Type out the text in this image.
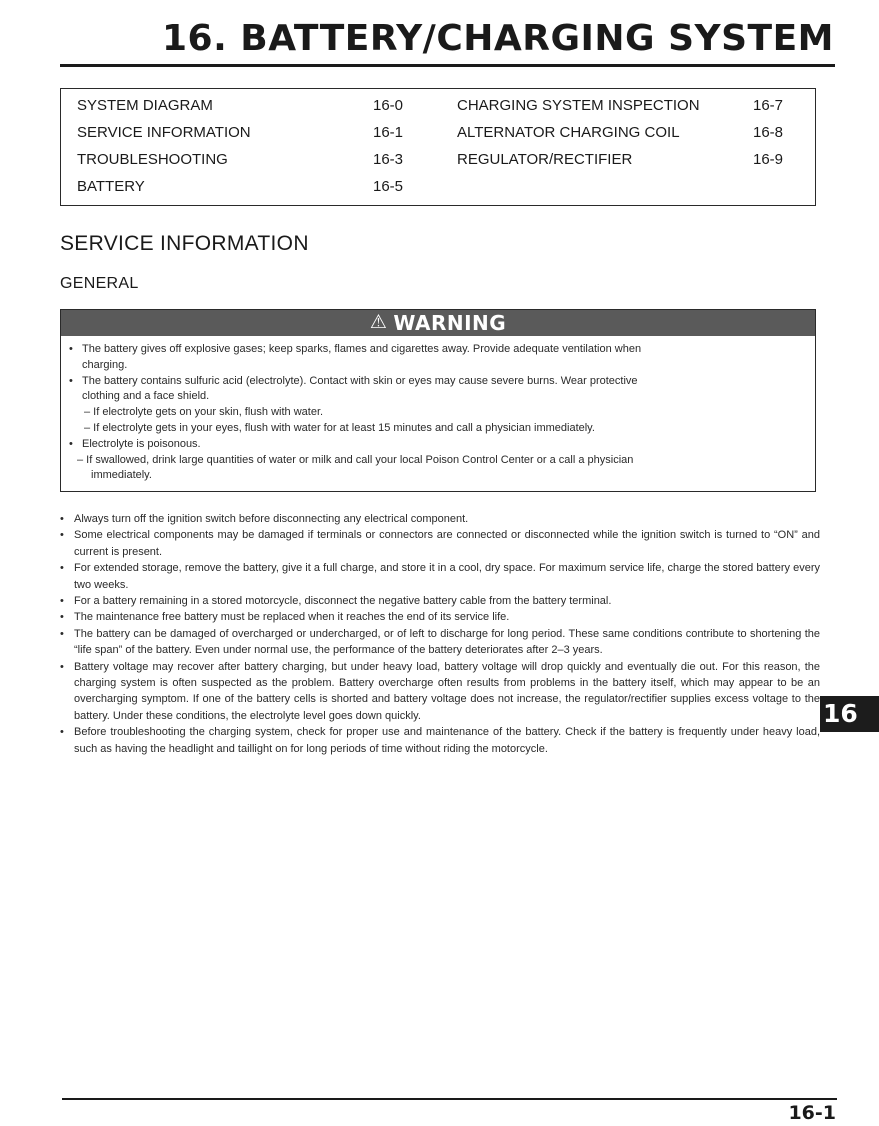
16. BATTERY/CHARGING SYSTEM
SYSTEM DIAGRAM	16-0
SERVICE INFORMATION	16-1
TROUBLESHOOTING	16-3
BATTERY	16-5
CHARGING SYSTEM INSPECTION	16-7
ALTERNATOR CHARGING COIL	16-8
REGULATOR/RECTIFIER	16-9
SERVICE INFORMATION
GENERAL
⚠ WARNING

• The battery gives off explosive gases; keep sparks, flames and cigarettes away. Provide adequate ventilation when

charging.

• The battery contains sulfuric acid (electrolyte). Contact with skin or eyes may cause severe burns. Wear protective

clothing and a face shield.

– If electrolyte gets on your skin, flush with water.

– If electrolyte gets in your eyes, flush with water for at least 15 minutes and call a physician immediately.

• Electrolyte is poisonous.

– If swallowed, drink large quantities of water or milk and call your local Poison Control Center or a call a physician

immediately.

• Always turn off the ignition switch before disconnecting any electrical component.

• Some electrical components may be damaged if terminals or connectors are connected or disconnected while the ignition switch is turned to “ON” and current is present.

• For extended storage, remove the battery, give it a full charge, and store it in a cool, dry space. For maximum service life, charge the stored battery every two weeks.

• For a battery remaining in a stored motorcycle, disconnect the negative battery cable from the battery terminal.

• The maintenance free battery must be replaced when it reaches the end of its service life.

• The battery can be damaged of overcharged or undercharged, or of left to discharge for long period. These same conditions contribute to shortening the “life span” of the battery. Even under normal use, the performance of the battery deteriorates after 2–3 years.

• Battery voltage may recover after battery charging, but under heavy load, battery voltage will drop quickly and eventually die out. For this reason, the charging system is often suspected as the problem. Battery overcharge often results from problems in the battery itself, which may appear to be an overcharging symptom. If one of the battery cells is shorted and battery voltage does not increase, the regulator/rectifier supplies excess voltage to the battery. Under these conditions, the electrolyte level goes down quickly.

• Before troubleshooting the charging system, check for proper use and maintenance of the battery. Check if the battery is frequently under heavy load, such as having the headlight and taillight on for long periods of time without riding the motorcycle.

16
16-1
